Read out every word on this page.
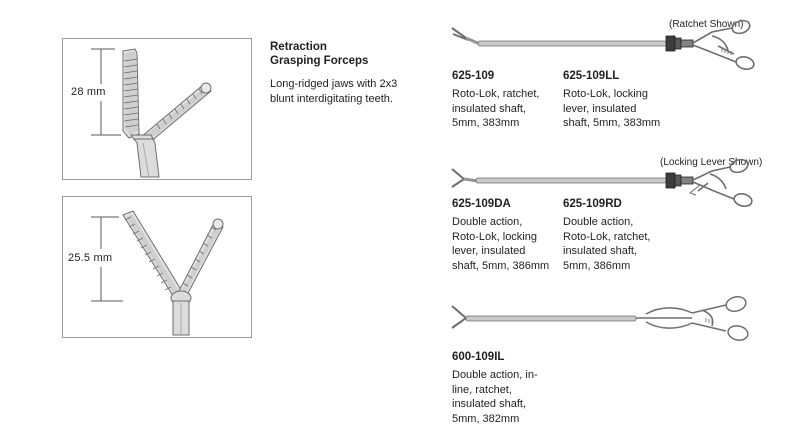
28 mm
25.5 mm
Retraction
Grasping Forceps
Long-ridged jaws with 2x3 blunt interdigitating teeth.
(Ratchet Shown)
(Locking Lever Shown)
625-109
Roto-Lok, ratchet, insulated shaft, 5mm, 383mm
625-109LL
Roto-Lok, locking lever, insulated shaft, 5mm, 383mm
625-109DA
Double action, Roto-Lok, locking lever, insulated shaft, 5mm, 386mm
625-109RD
Double action, Roto-Lok, ratchet, insulated shaft, 5mm, 386mm
600-109IL
Double action, in-line, ratchet, insulated shaft, 5mm, 382mm
